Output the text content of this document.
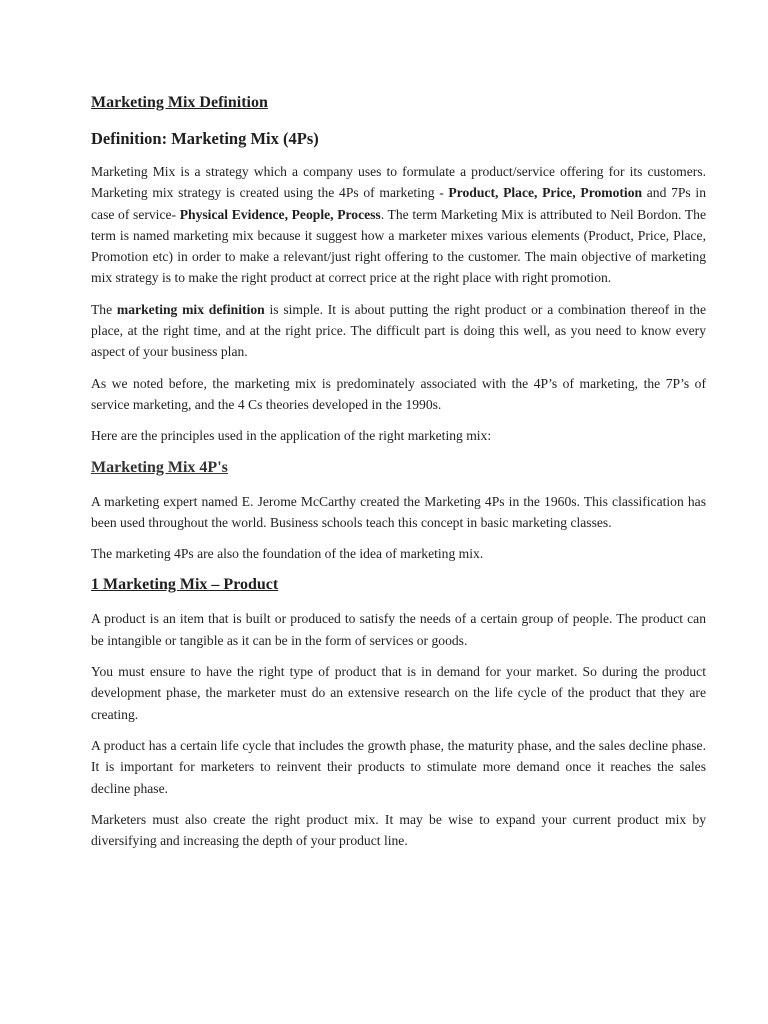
Marketing Mix Definition
Definition: Marketing Mix (4Ps)

Marketing Mix is a strategy which a company uses to formulate a product/service offering for its customers. Marketing mix strategy is created using the 4Ps of marketing - Product, Place, Price, Promotion and 7Ps in case of service- Physical Evidence, People, Process. The term Marketing Mix is attributed to Neil Bordon. The term is named marketing mix because it suggest how a marketer mixes various elements (Product, Price, Place, Promotion etc) in order to make a relevant/just right offering to the customer. The main objective of marketing mix strategy is to make the right product at correct price at the right place with right promotion.

The marketing mix definition is simple. It is about putting the right product or a combination thereof in the place, at the right time, and at the right price. The difficult part is doing this well, as you need to know every aspect of your business plan.

As we noted before, the marketing mix is predominately associated with the 4P’s of marketing, the 7P’s of service marketing, and the 4 Cs theories developed in the 1990s.

Here are the principles used in the application of the right marketing mix:

Marketing Mix 4P's

A marketing expert named E. Jerome McCarthy created the Marketing 4Ps in the 1960s. This classification has been used throughout the world. Business schools teach this concept in basic marketing classes.

The marketing 4Ps are also the foundation of the idea of marketing mix.

1 Marketing Mix – Product

A product is an item that is built or produced to satisfy the needs of a certain group of people. The product can be intangible or tangible as it can be in the form of services or goods.

You must ensure to have the right type of product that is in demand for your market. So during the product development phase, the marketer must do an extensive research on the life cycle of the product that they are creating.

A product has a certain life cycle that includes the growth phase, the maturity phase, and the sales decline phase. It is important for marketers to reinvent their products to stimulate more demand once it reaches the sales decline phase.

Marketers must also create the right product mix. It may be wise to expand your current product mix by diversifying and increasing the depth of your product line.
